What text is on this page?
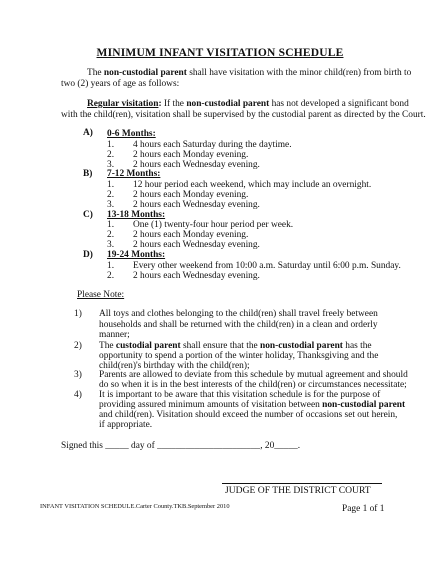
MINIMUM INFANT VISITATION SCHEDULE
The non-custodial parent shall have visitation with the minor child(ren) from birth to
two (2) years of age as follows:
Regular visitation: If the non-custodial parent has not developed a significant bond
with the child(ren), visitation shall be supervised by the custodial parent as directed by the Court.
A) 0-6 Months:
1. 4 hours each Saturday during the daytime.
2. 2 hours each Monday evening.
3. 2 hours each Wednesday evening.
B) 7-12 Months:
1. 12 hour period each weekend, which may include an overnight.
2. 2 hours each Monday evening.
3. 2 hours each Wednesday evening.
C) 13-18 Months:
1. One (1) twenty-four hour period per week.
2. 2 hours each Monday evening.
3. 2 hours each Wednesday evening.
D) 19-24 Months:
1. Every other weekend from 10:00 a.m. Saturday until 6:00 p.m. Sunday.
2. 2 hours each Wednesday evening.
Please Note:
1) All toys and clothes belonging to the child(ren) shall travel freely between
households and shall be returned with the child(ren) in a clean and orderly
manner;
2) The custodial parent shall ensure that the non-custodial parent has the
opportunity to spend a portion of the winter holiday, Thanksgiving and the
child(ren)'s birthday with the child(ren);
3) Parents are allowed to deviate from this schedule by mutual agreement and should
do so when it is in the best interests of the child(ren) or circumstances necessitate;
4) It is important to be aware that this visitation schedule is for the purpose of
providing assured minimum amounts of visitation between non-custodial parent
and child(ren). Visitation should exceed the number of occasions set out herein,
if appropriate.
Signed this _____ day of ______________________, 20_____.
JUDGE OF THE DISTRICT COURT
INFANT VISITATION SCHEDULE.Carter County.TKB.September 2010	Page 1 of 1
